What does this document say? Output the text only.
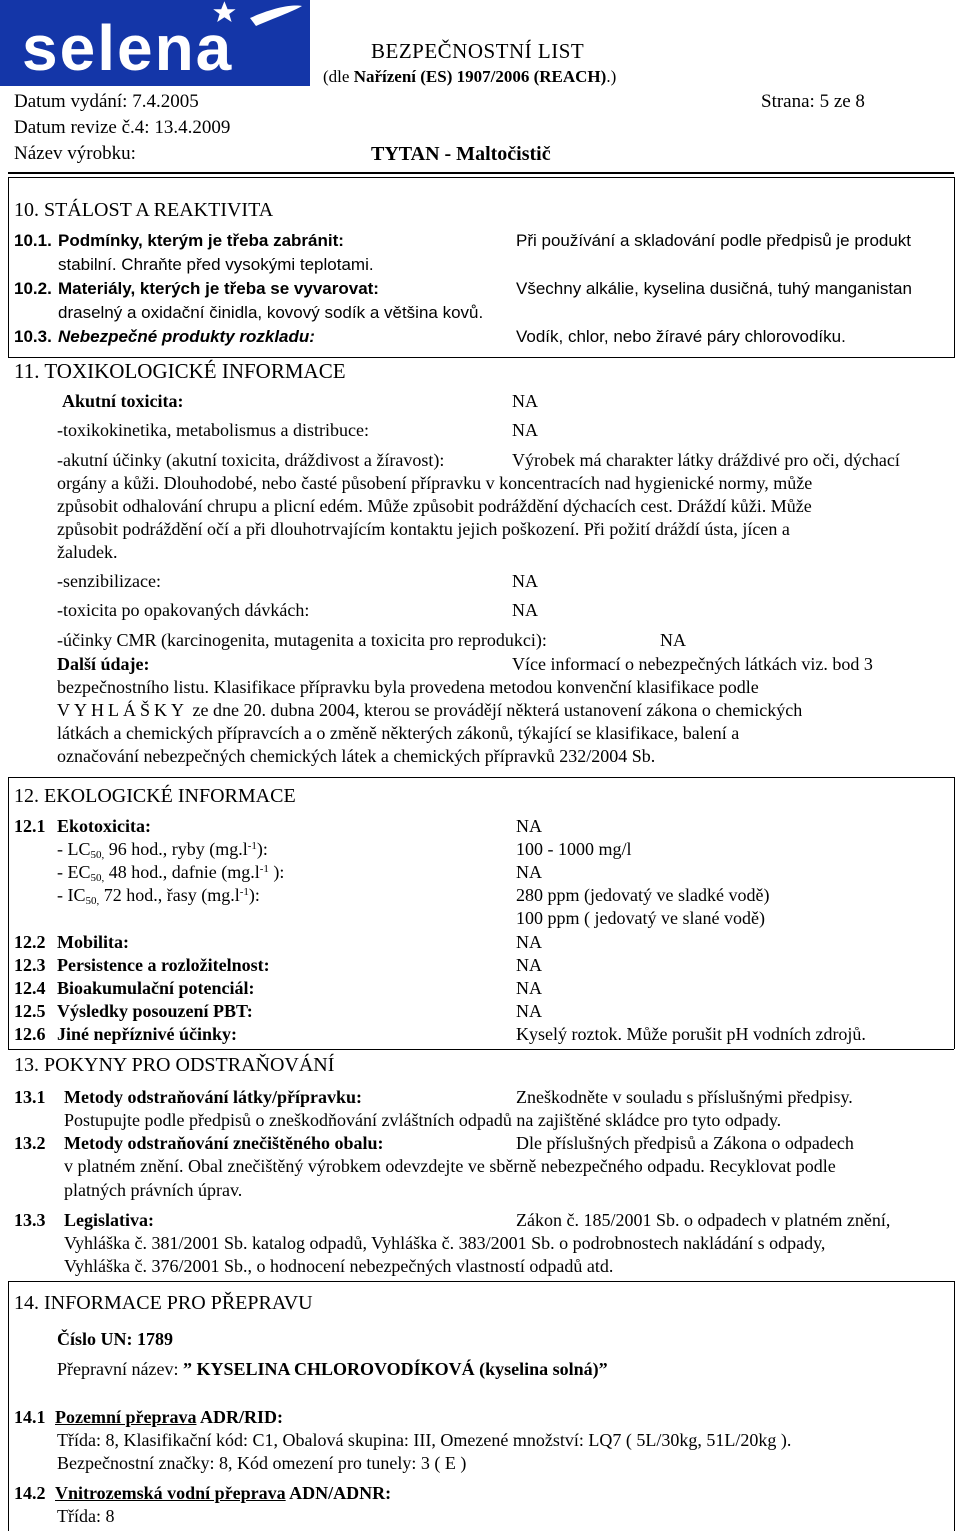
selena	BEZPEČNOSTNÍ LIST
(dle Nařízení (ES) 1907/2006 (REACH).)
Datum vydání: 7.4.2005	Strana: 5 ze 8
Datum revize č.4: 13.4.2009
Název výrobku:	TYTAN - Maltočistič
10. STÁLOST A REAKTIVITA
10.1. Podmínky, kterým je třeba zabránit:	Při používání a skladování podle předpisů je produkt
stabilní. Chraňte před vysokými teplotami.
10.2. Materiály, kterých je třeba se vyvarovat:	Všechny alkálie, kyselina dusičná, tuhý manganistan
draselný a oxidační činidla, kovový sodík a většina kovů.
10.3. Nebezpečné produkty rozkladu:	Vodík, chlor, nebo žíravé páry chlorovodíku.
11. TOXIKOLOGICKÉ INFORMACE
Akutní toxicita:	NA
-toxikokinetika, metabolismus a distribuce:	NA
-akutní účinky (akutní toxicita, dráždivost a žíravost):	Výrobek má charakter látky dráždivé pro oči, dýchací
orgány a kůži. Dlouhodobé, nebo časté působení přípravku v koncentracích nad hygienické normy, může
způsobit odhalování chrupu a plicní edém. Může způsobit podráždění dýchacích cest. Dráždí kůži. Může
způsobit podráždění očí a při dlouhotrvajícím kontaktu jejich poškození. Při požití dráždí ústa, jícen a
žaludek.
-senzibilizace:	NA
-toxicita po opakovaných dávkách:	NA
-účinky CMR (karcinogenita, mutagenita a toxicita pro reprodukci):	NA
Další údaje:	Více informací o nebezpečných látkách viz. bod 3
bezpečnostního listu. Klasifikace přípravku byla provedena metodou konvenční klasifikace podle
VYHLÁŠKY ze dne 20. dubna 2004, kterou se provádějí některá ustanovení zákona o chemických
látkách a chemických přípravcích a o změně některých zákonů, týkající se klasifikace, balení a
označování nebezpečných chemických látek a chemických přípravků 232/2004 Sb.
12. EKOLOGICKÉ INFORMACE
12.1 Ekotoxicita:	NA
- $LC_{50,}$ 96 hod., ryby $(mg.l^{-1})$:	100 - 1000 mg/l
- $EC_{50,}$ 48 hod., dafnie ($mg.l^{-1}$ ):	NA
- $IC_{50,}$ 72 hod., řasy $(mg.l^{-1})$:	280 ppm (jedovatý ve sladké vodě)
100 ppm ( jedovatý ve slané vodě)
12.2 Mobilita:	NA
12.3 Persistence a rozložitelnost:	NA
12.4 Bioakumulační potenciál:	NA
12.5 Výsledky posouzení PBT:	NA
12.6 Jiné nepříznivé účinky:	Kyselý roztok. Může porušit pH vodních zdrojů.
13. POKYNY PRO ODSTRAŇOVÁNÍ
13.1 Metody odstraňování látky/přípravku:	Zneškodněte v souladu s příslušnými předpisy.
Postupujte podle předpisů o zneškodňování zvláštních odpadů na zajištěné skládce pro tyto odpady.
13.2 Metody odstraňování znečištěného obalu:	Dle příslušných předpisů a Zákona o odpadech
v platném znění. Obal znečištěný výrobkem odevzdejte ve sběrně nebezpečného odpadu. Recyklovat podle
platných právních úprav.
13.3 Legislativa:	Zákon č. 185/2001 Sb. o odpadech v platném znění,
Vyhláška č. 381/2001 Sb. katalog odpadů, Vyhláška č. 383/2001 Sb. o podrobnostech nakládání s odpady,
Vyhláška č. 376/2001 Sb., o hodnocení nebezpečných vlastností odpadů atd.
14. INFORMACE PRO PŘEPRAVU
Číslo UN: 1789
Přepravní název: ” KYSELINA CHLOROVODÍKOVÁ (kyselina solná)”
14.1 Pozemní přeprava ADR/RID:
Třída: 8, Klasifikační kód: C1, Obalová skupina: III, Omezené množství: LQ7 ( 5L/30kg, 51L/20kg ).
Bezpečnostní značky: 8, Kód omezení pro tunely: 3 ( E )
14.2 Vnitrozemská vodní přeprava ADN/ADNR:
Třída: 8
